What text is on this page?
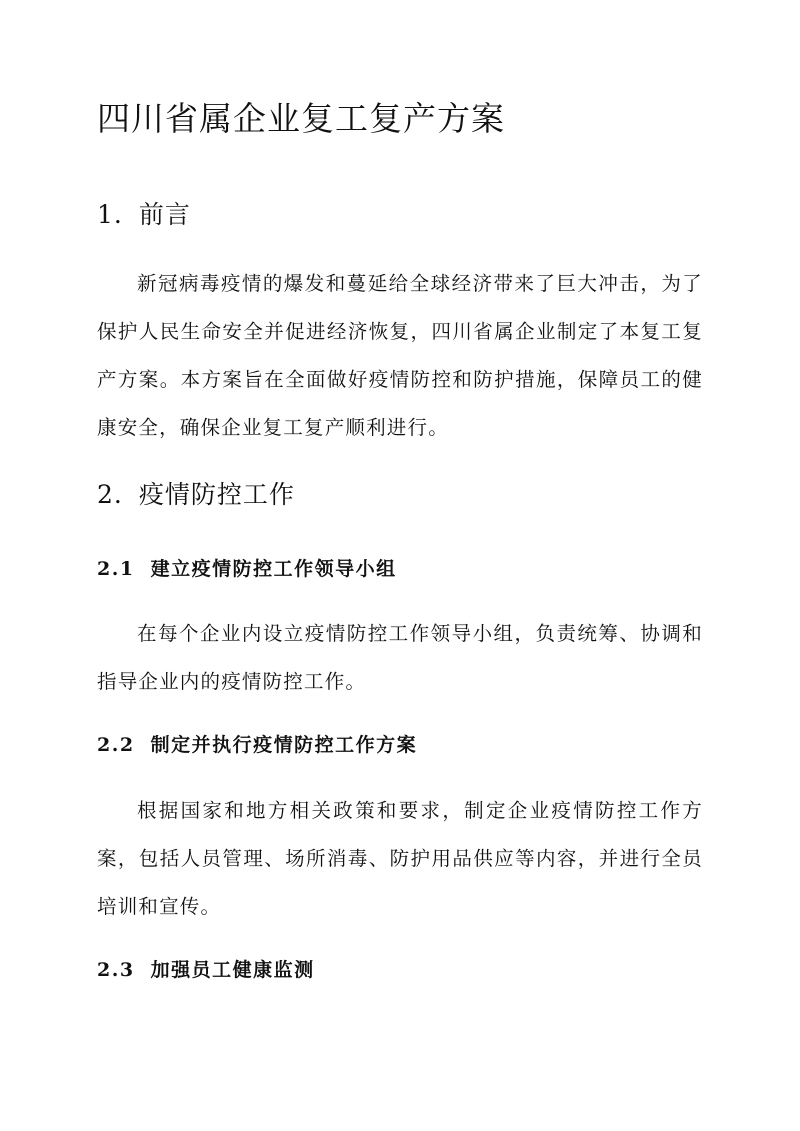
四川省属企业复工复产方案
1. 前言

新冠病毒疫情的爆发和蔓延给全球经济带来了巨大冲击，为了保护人民生命安全并促进经济恢复，四川省属企业制定了本复工复产方案。本方案旨在全面做好疫情防控和防护措施，保障员工的健康安全，确保企业复工复产顺利进行。

2. 疫情防控工作
2.1 建立疫情防控工作领导小组

在每个企业内设立疫情防控工作领导小组，负责统筹、协调和指导企业内的疫情防控工作。

2.2 制定并执行疫情防控工作方案

根据国家和地方相关政策和要求，制定企业疫情防控工作方案，包括人员管理、场所消毒、防护用品供应等内容，并进行全员培训和宣传。

2.3 加强员工健康监测
